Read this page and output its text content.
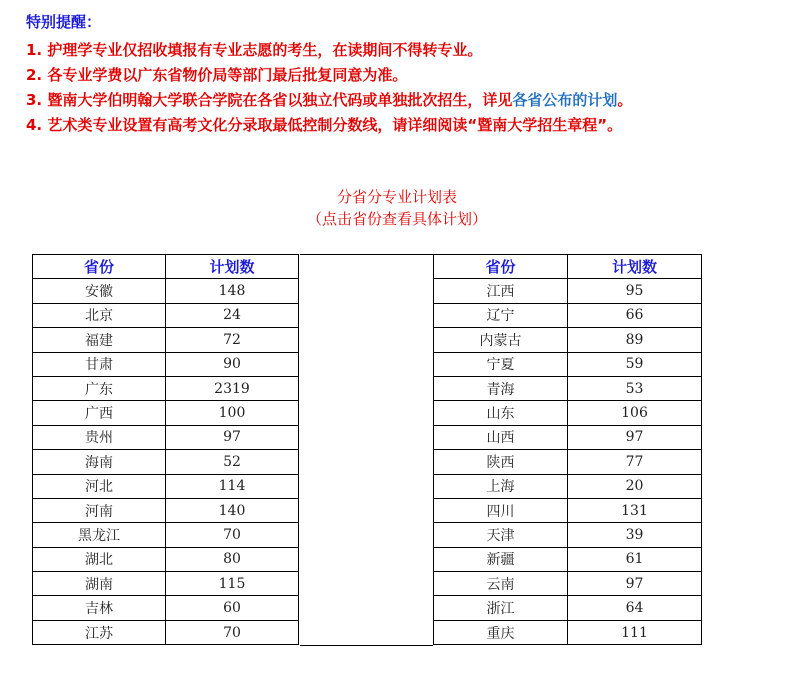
特别提醒：
1. 护理学专业仅招收填报有专业志愿的考生，在读期间不得转专业。
2. 各专业学费以广东省物价局等部门最后批复同意为准。
3. 暨南大学伯明翰大学联合学院在各省以独立代码或单独批次招生，详见各省公布的计划。
4. 艺术类专业设置有高考文化分录取最低控制分数线，请详细阅读“暨南大学招生章程”。
分省分专业计划表
（点击省份查看具体计划）
省份	计划数
安徽	148
北京	24
福建	72
甘肃	90
广东	2319
广西	100
贵州	97
海南	52
河北	114
河南	140
黑龙江	70
湖北	80
湖南	115
吉林	60
江苏	70
省份	计划数
江西	95
辽宁	66
内蒙古	89
宁夏	59
青海	53
山东	106
山西	97
陕西	77
上海	20
四川	131
天津	39
新疆	61
云南	97
浙江	64
重庆	111
